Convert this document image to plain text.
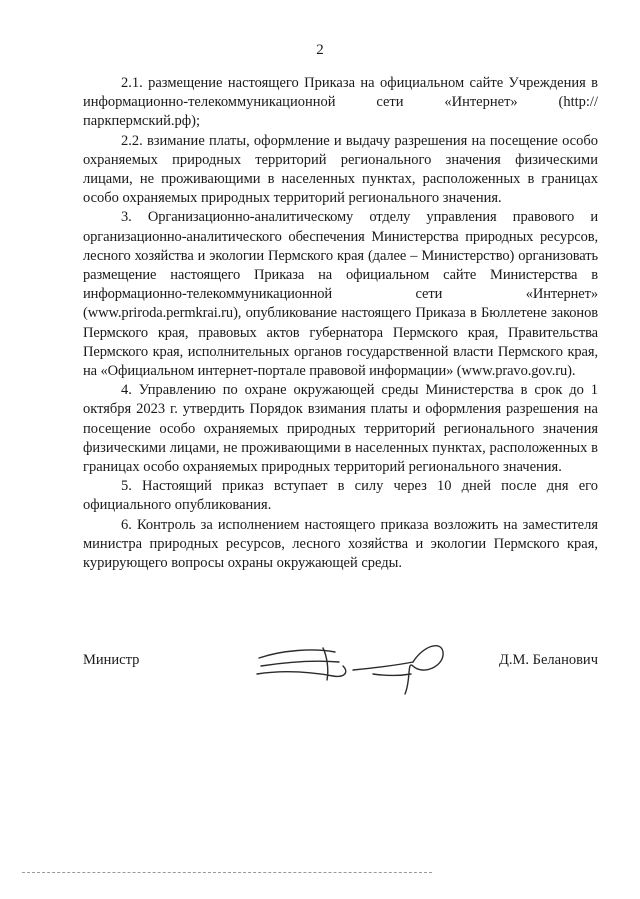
2

2.1. размещение настоящего Приказа на официальном сайте Учреждения в информационно-телекоммуникационной сети «Интернет» (http://паркпермский.рф);

2.2. взимание платы, оформление и выдачу разрешения на посещение особо охраняемых природных территорий регионального значения физическими лицами, не проживающими в населенных пунктах, расположенных в границах особо охраняемых природных территорий регионального значения.

3. Организационно-аналитическому отделу управления правового и организационно-аналитического обеспечения Министерства природных ресурсов, лесного хозяйства и экологии Пермского края (далее – Министерство) организовать размещение настоящего Приказа на официальном сайте Министерства в информационно-телекоммуникационной сети «Интернет» (www.priroda.permkrai.ru), опубликование настоящего Приказа в Бюллетене законов Пермского края, правовых актов губернатора Пермского края, Правительства Пермского края, исполнительных органов государственной власти Пермского края, на «Официальном интернет-портале правовой информации» (www.pravo.gov.ru).

4. Управлению по охране окружающей среды Министерства в срок до 1 октября 2023 г. утвердить Порядок взимания платы и оформления разрешения на посещение особо охраняемых природных территорий регионального значения физическими лицами, не проживающими в населенных пунктах, расположенных в границах особо охраняемых природных территорий регионального значения.

5. Настоящий приказ вступает в силу через 10 дней после дня его официального опубликования.

6. Контроль за исполнением настоящего приказа возложить на заместителя министра природных ресурсов, лесного хозяйства и экологии Пермского края, курирующего вопросы охраны окружающей среды.

Министр	Д.М. Беланович
